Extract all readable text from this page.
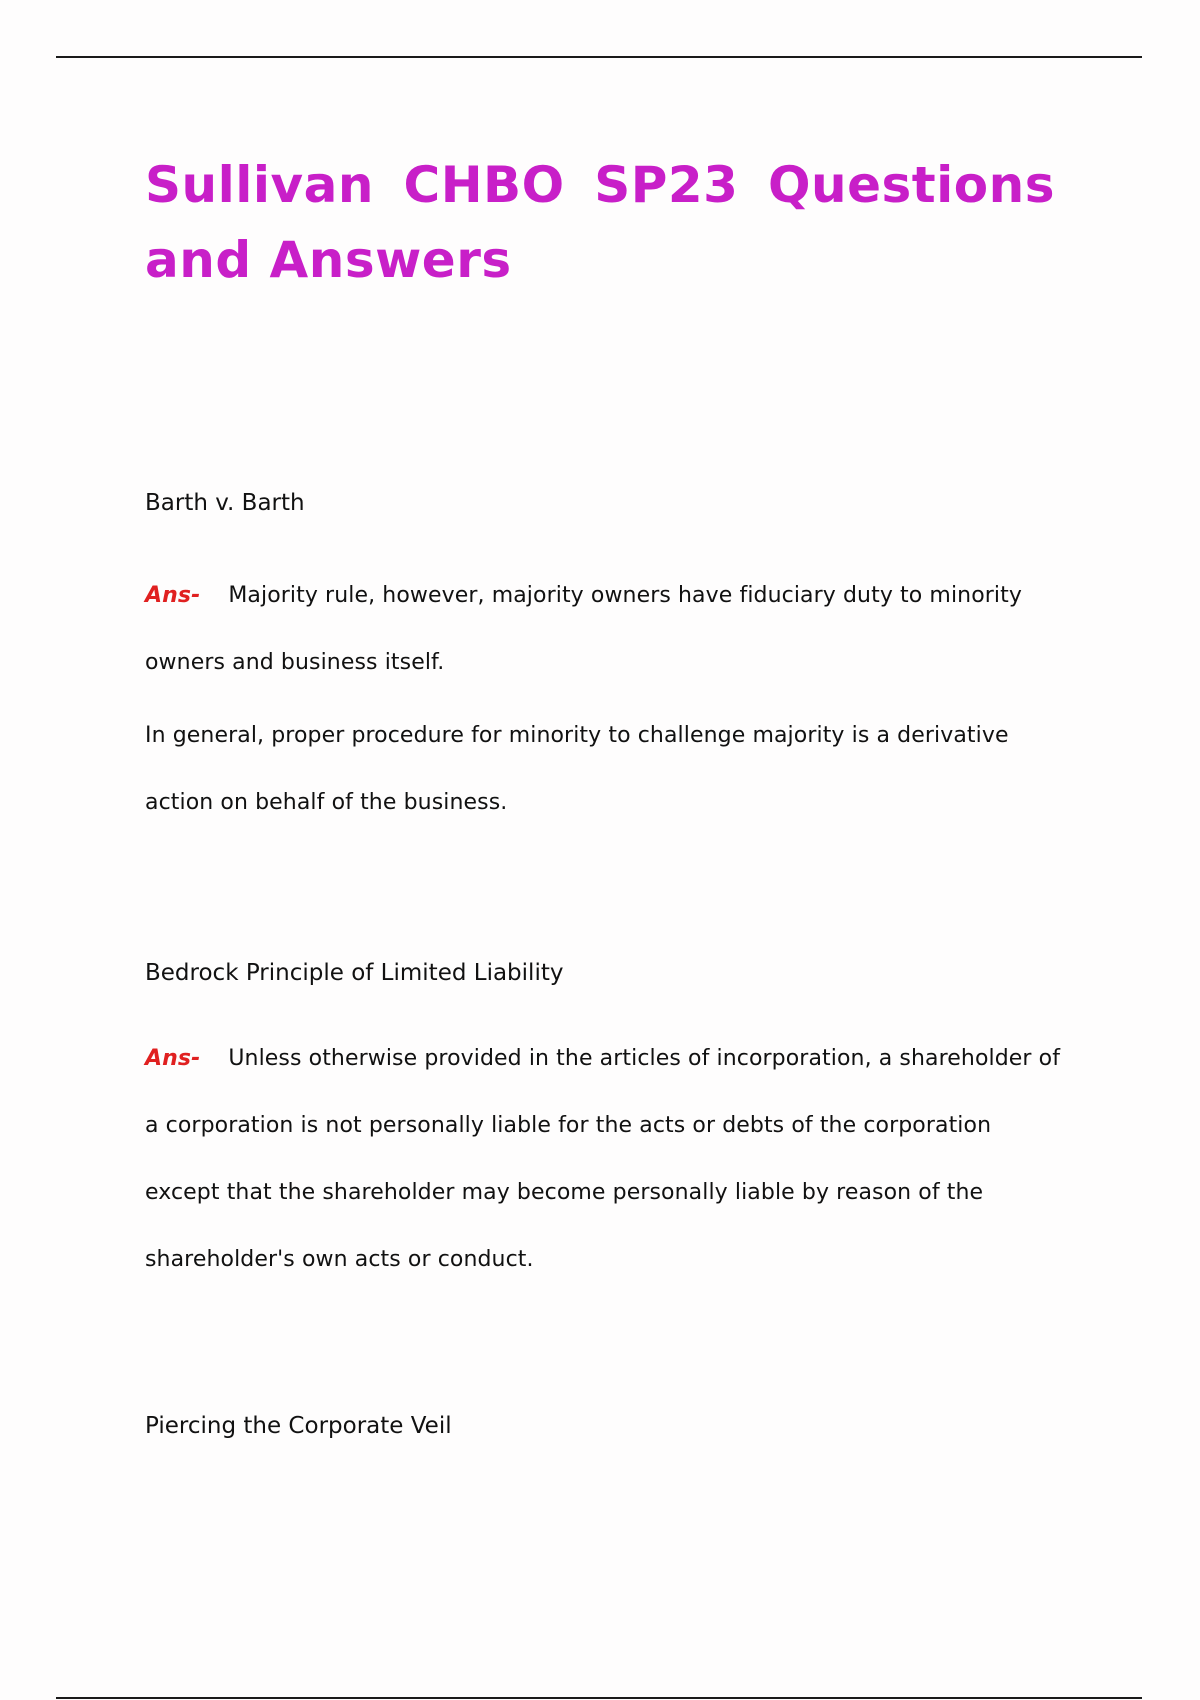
Sullivan CHBO SP23 Questions and Answers

Barth v. Barth

Ans- Majority rule, however, majority owners have fiduciary duty to minority owners and business itself.

In general, proper procedure for minority to challenge majority is a derivative action on behalf of the business.

Bedrock Principle of Limited Liability

Ans- Unless otherwise provided in the articles of incorporation, a shareholder of a corporation is not personally liable for the acts or debts of the corporation except that the shareholder may become personally liable by reason of the shareholder's own acts or conduct.

Piercing the Corporate Veil
